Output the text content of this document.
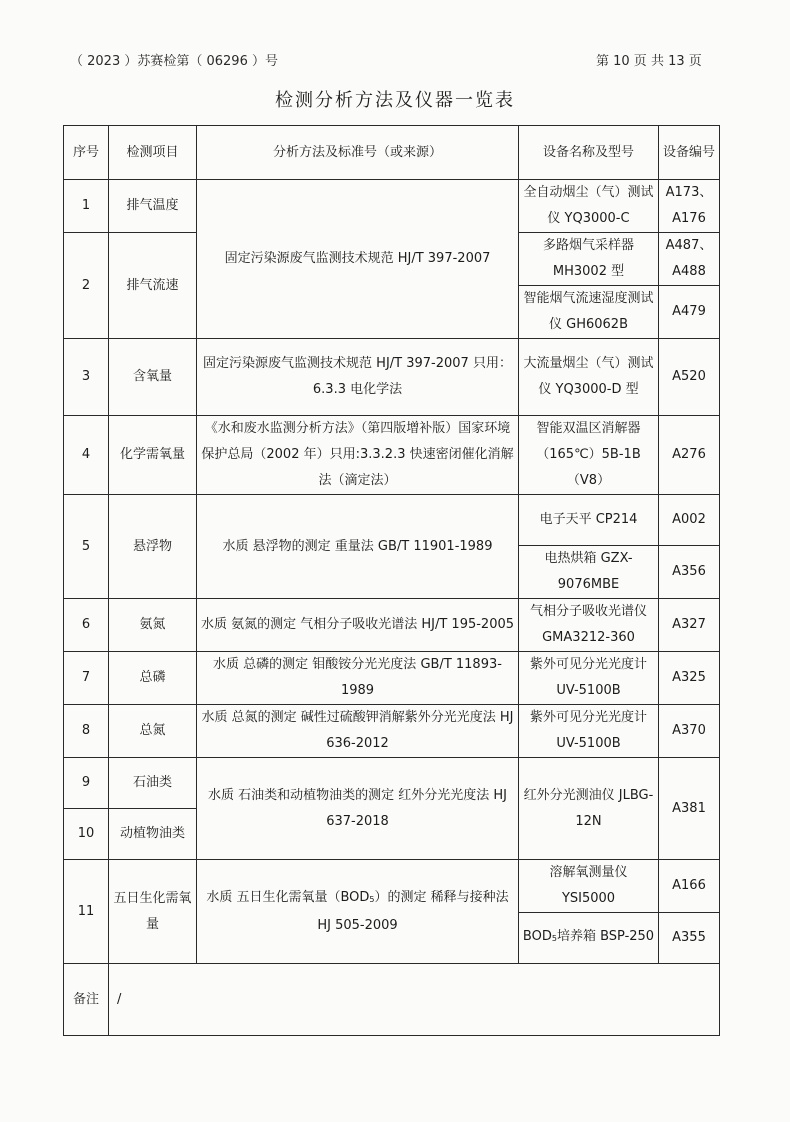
（ 2023 ）苏赛检第（ 06296 ）号	第 10 页 共 13 页
检测分析方法及仪器一览表
序号	检测项目	分析方法及标准号（或来源）	设备名称及型号	设备编号
1	排气温度	固定污染源废气监测技术规范 HJ/T 397-2007	全自动烟尘（气）测试仪 YQ3000-C	A173、A176
2	排气流速		多路烟气采样器 MH3002 型	A487、A488
			智能烟气流速湿度测试仪 GH6062B	A479
3	含氧量	固定污染源废气监测技术规范 HJ/T 397-2007 只用：6.3.3 电化学法	大流量烟尘（气）测试仪 YQ3000-D 型	A520
4	化学需氧量	《水和废水监测分析方法》（第四版增补版）国家环境保护总局（2002 年）只用:3.3.2.3 快速密闭催化消解法（滴定法）	智能双温区消解器（165℃）5B-1B（V8）	A276
5	悬浮物	水质 悬浮物的测定 重量法 GB/T 11901-1989	电子天平 CP214	A002
			电热烘箱 GZX-9076MBE	A356
6	氨氮	水质 氨氮的测定 气相分子吸收光谱法 HJ/T 195-2005	气相分子吸收光谱仪 GMA3212-360	A327
7	总磷	水质 总磷的测定 钼酸铵分光光度法 GB/T 11893-1989	紫外可见分光光度计 UV-5100B	A325
8	总氮	水质 总氮的测定 碱性过硫酸钾消解紫外分光光度法 HJ 636-2012	紫外可见分光光度计 UV-5100B	A370
9	石油类	水质 石油类和动植物油类的测定 红外分光光度法 HJ 637-2018	红外分光测油仪 JLBG-12N	A381
10	动植物油类			
11	五日生化需氧量	水质 五日生化需氧量（BOD5）的测定 稀释与接种法 HJ 505-2009	溶解氧测量仪 YSI5000	A166
			BOD5培养箱 BSP-250	A355
备注	/			
